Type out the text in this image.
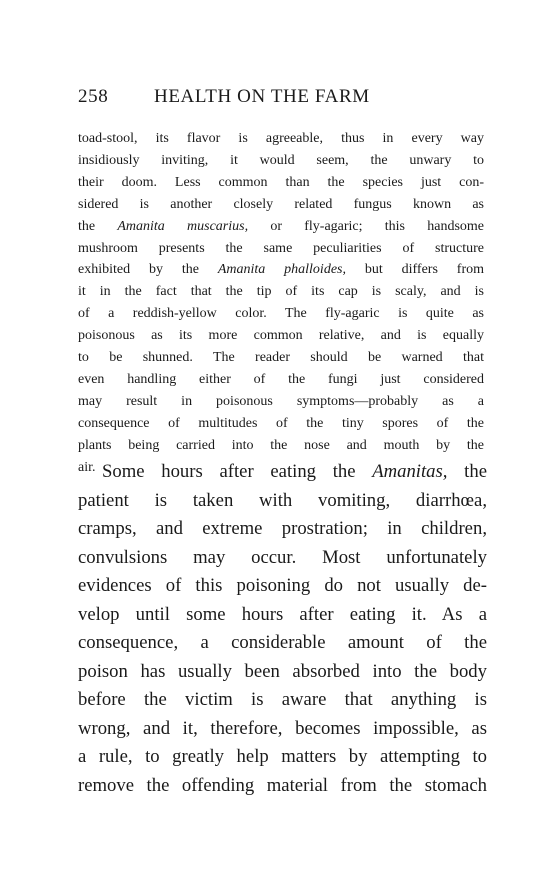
258 HEALTH ON THE FARM
toad-stool, its flavor is agreeable, thus in every way
insidiously inviting, it would seem, the unwary to
their doom. Less common than the species just con-
sidered is another closely related fungus known as
the Amanita muscarius, or fly-agaric; this handsome
mushroom presents the same peculiarities of structure
exhibited by the Amanita phalloides, but differs from
it in the fact that the tip of its cap is scaly, and is
of a reddish-yellow color. The fly-agaric is quite as
poisonous as its more common relative, and is equally
to be shunned. The reader should be warned that
even handling either of the fungi just considered
may result in poisonous symptoms—probably as a
consequence of multitudes of the tiny spores of the
plants being carried into the nose and mouth by the
air. Some hours after eating the Amanitas, the
patient is taken with vomiting, diarrhœa,
cramps, and extreme prostration; in children,
convulsions may occur. Most unfortunately
evidences of this poisoning do not usually de-
velop until some hours after eating it. As a
consequence, a considerable amount of the
poison has usually been absorbed into the body
before the victim is aware that anything is
wrong, and it, therefore, becomes impossible, as
a rule, to greatly help matters by attempting to
remove the offending material from the stomach
